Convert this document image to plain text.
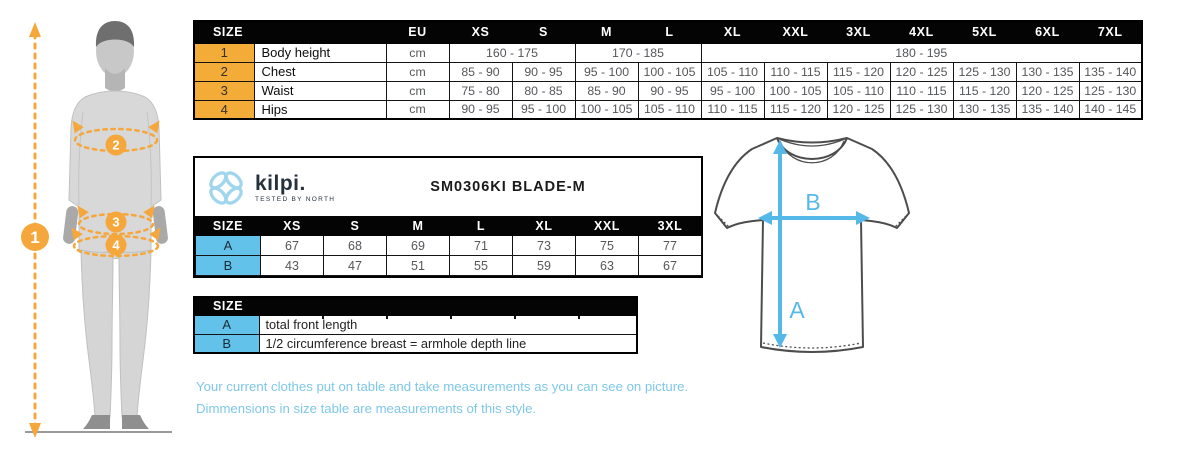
1
2
3
4
SIZE		EU	XS	S	M	L	XL	XXL	3XL	4XL	5XL	6XL	7XL
1	Body height	cm	160 - 175		170 - 185		180 - 195						
2	Chest	cm	85 - 90	90 - 95	95 - 100	100 - 105	105 - 110	110 - 115	115 - 120	120 - 125	125 - 130	130 - 135	135 - 140
3	Waist	cm	75 - 80	80 - 85	85 - 90	90 - 95	95 - 100	100 - 105	105 - 110	110 - 115	115 - 120	120 - 125	125 - 130
4	Hips	cm	90 - 95	95 - 100	100 - 105	105 - 110	110 - 115	115 - 120	120 - 125	125 - 130	130 - 135	135 - 140	140 - 145
kilpi.
TESTED BY NORTH
SM0306KI BLADE-M
SIZE	XS	S	M	L	XL	XXL	3XL
A	67	68	69	71	73	75	77
B	43	47	51	55	59	63	67
SIZE	
A	total front length
B	1/2 circumference breast = armhole depth line
A
B
Your current clothes put on table and take measurements as you can see on picture.
Dimmensions in size table are measurements of this style.
